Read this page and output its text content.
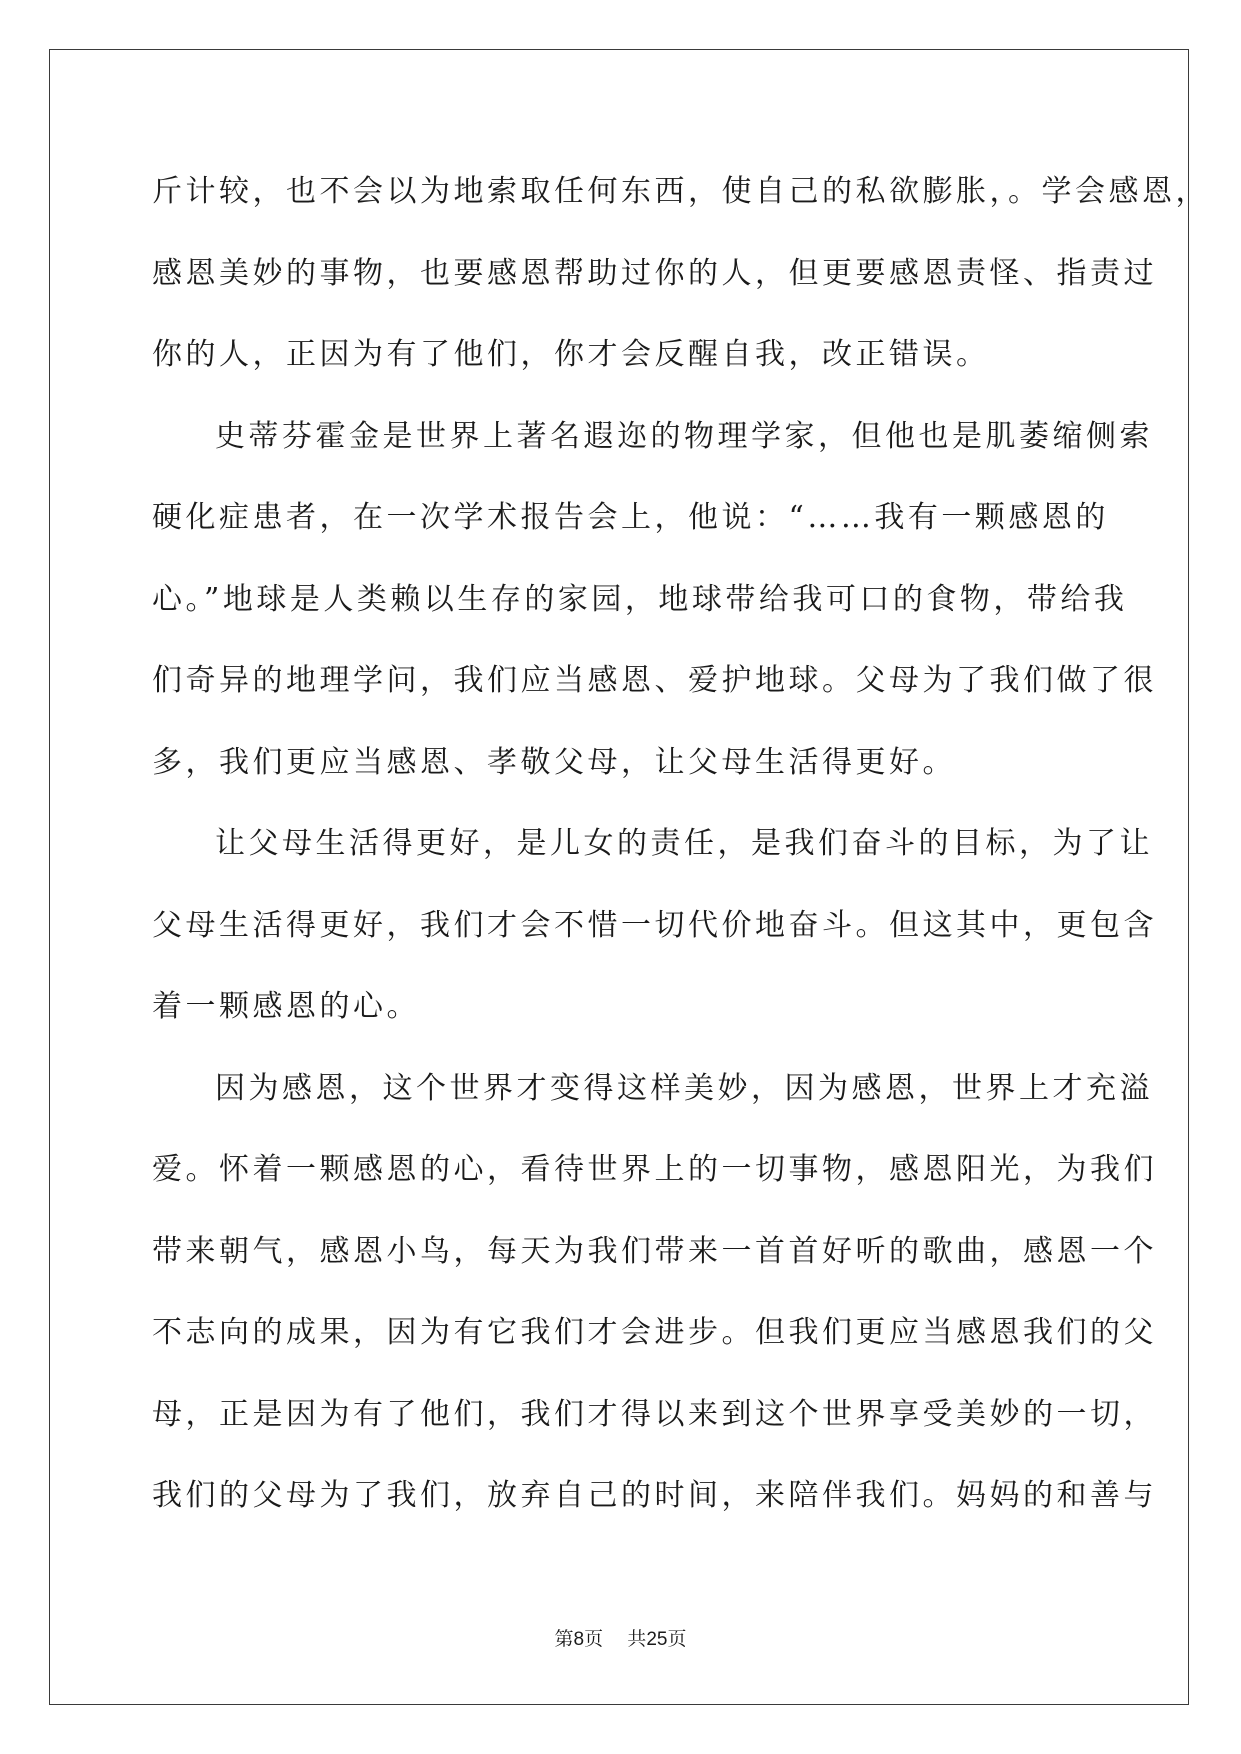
斤计较，也不会以为地索取任何东西，使自己的私欲膨胀，。学会感恩，

感恩美妙的事物，也要感恩帮助过你的人，但更要感恩责怪、指责过

你的人，正因为有了他们，你才会反醒自我，改正错误。

史蒂芬霍金是世界上著名遐迩的物理学家，但他也是肌萎缩侧索

硬化症患者，在一次学术报告会上，他说：“……我有一颗感恩的

心。”地球是人类赖以生存的家园，地球带给我可口的食物，带给我

们奇异的地理学问，我们应当感恩、爱护地球。父母为了我们做了很

多，我们更应当感恩、孝敬父母，让父母生活得更好。

让父母生活得更好，是儿女的责任，是我们奋斗的目标，为了让

父母生活得更好，我们才会不惜一切代价地奋斗。但这其中，更包含

着一颗感恩的心。

因为感恩，这个世界才变得这样美妙，因为感恩，世界上才充溢

爱。怀着一颗感恩的心，看待世界上的一切事物，感恩阳光，为我们

带来朝气，感恩小鸟，每天为我们带来一首首好听的歌曲，感恩一个

不志向的成果，因为有它我们才会进步。但我们更应当感恩我们的父

母，正是因为有了他们，我们才得以来到这个世界享受美妙的一切，

我们的父母为了我们，放弃自己的时间，来陪伴我们。妈妈的和善与

第8页 共25页
